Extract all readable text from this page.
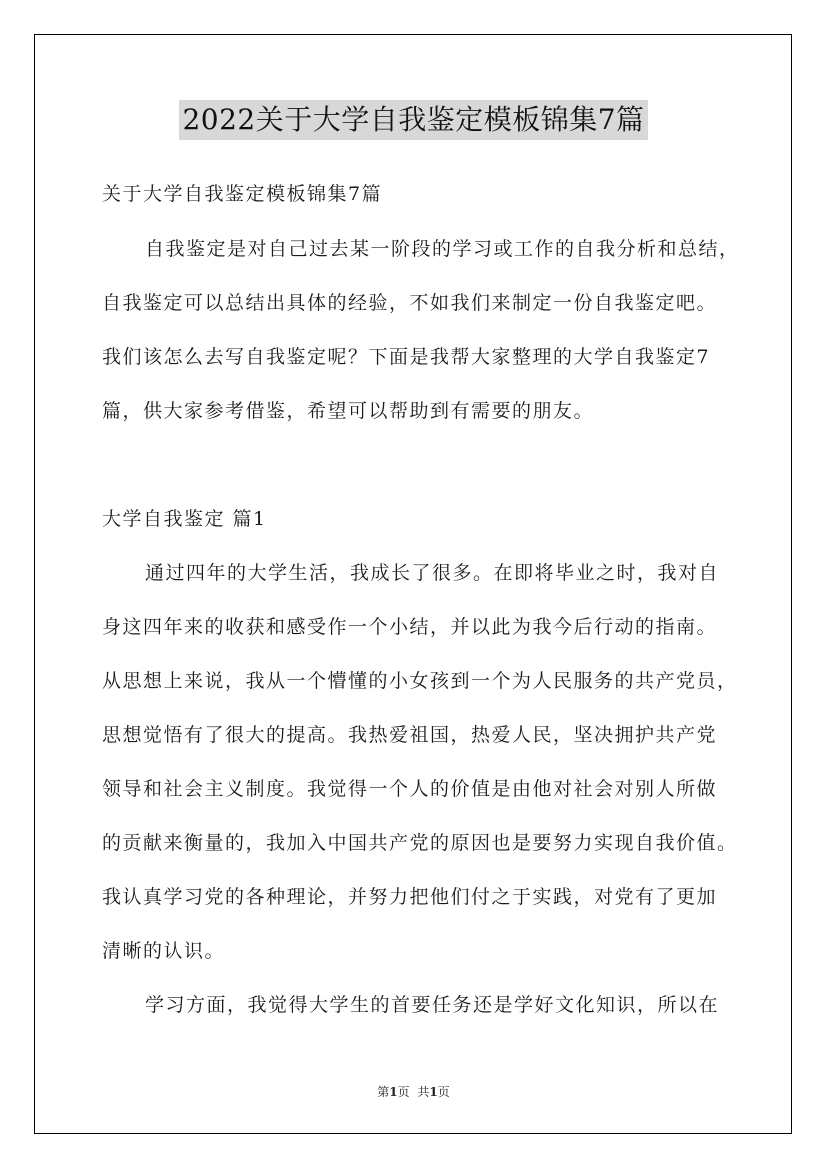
2022关于大学自我鉴定模板锦集7篇
关于大学自我鉴定模板锦集7篇
自我鉴定是对自己过去某一阶段的学习或工作的自我分析和总结，
自我鉴定可以总结出具体的经验，不如我们来制定一份自我鉴定吧。
我们该怎么去写自我鉴定呢？下面是我帮大家整理的大学自我鉴定7
篇，供大家参考借鉴，希望可以帮助到有需要的朋友。
大学自我鉴定 篇1
通过四年的大学生活，我成长了很多。在即将毕业之时，我对自
身这四年来的收获和感受作一个小结，并以此为我今后行动的指南。
从思想上来说，我从一个懵懂的小女孩到一个为人民服务的共产党员，
思想觉悟有了很大的提高。我热爱祖国，热爱人民，坚决拥护共产党
领导和社会主义制度。我觉得一个人的价值是由他对社会对别人所做
的贡献来衡量的，我加入中国共产党的原因也是要努力实现自我价值。
我认真学习党的各种理论，并努力把他们付之于实践，对党有了更加
清晰的认识。
学习方面，我觉得大学生的首要任务还是学好文化知识，所以在
第1页 共1页
